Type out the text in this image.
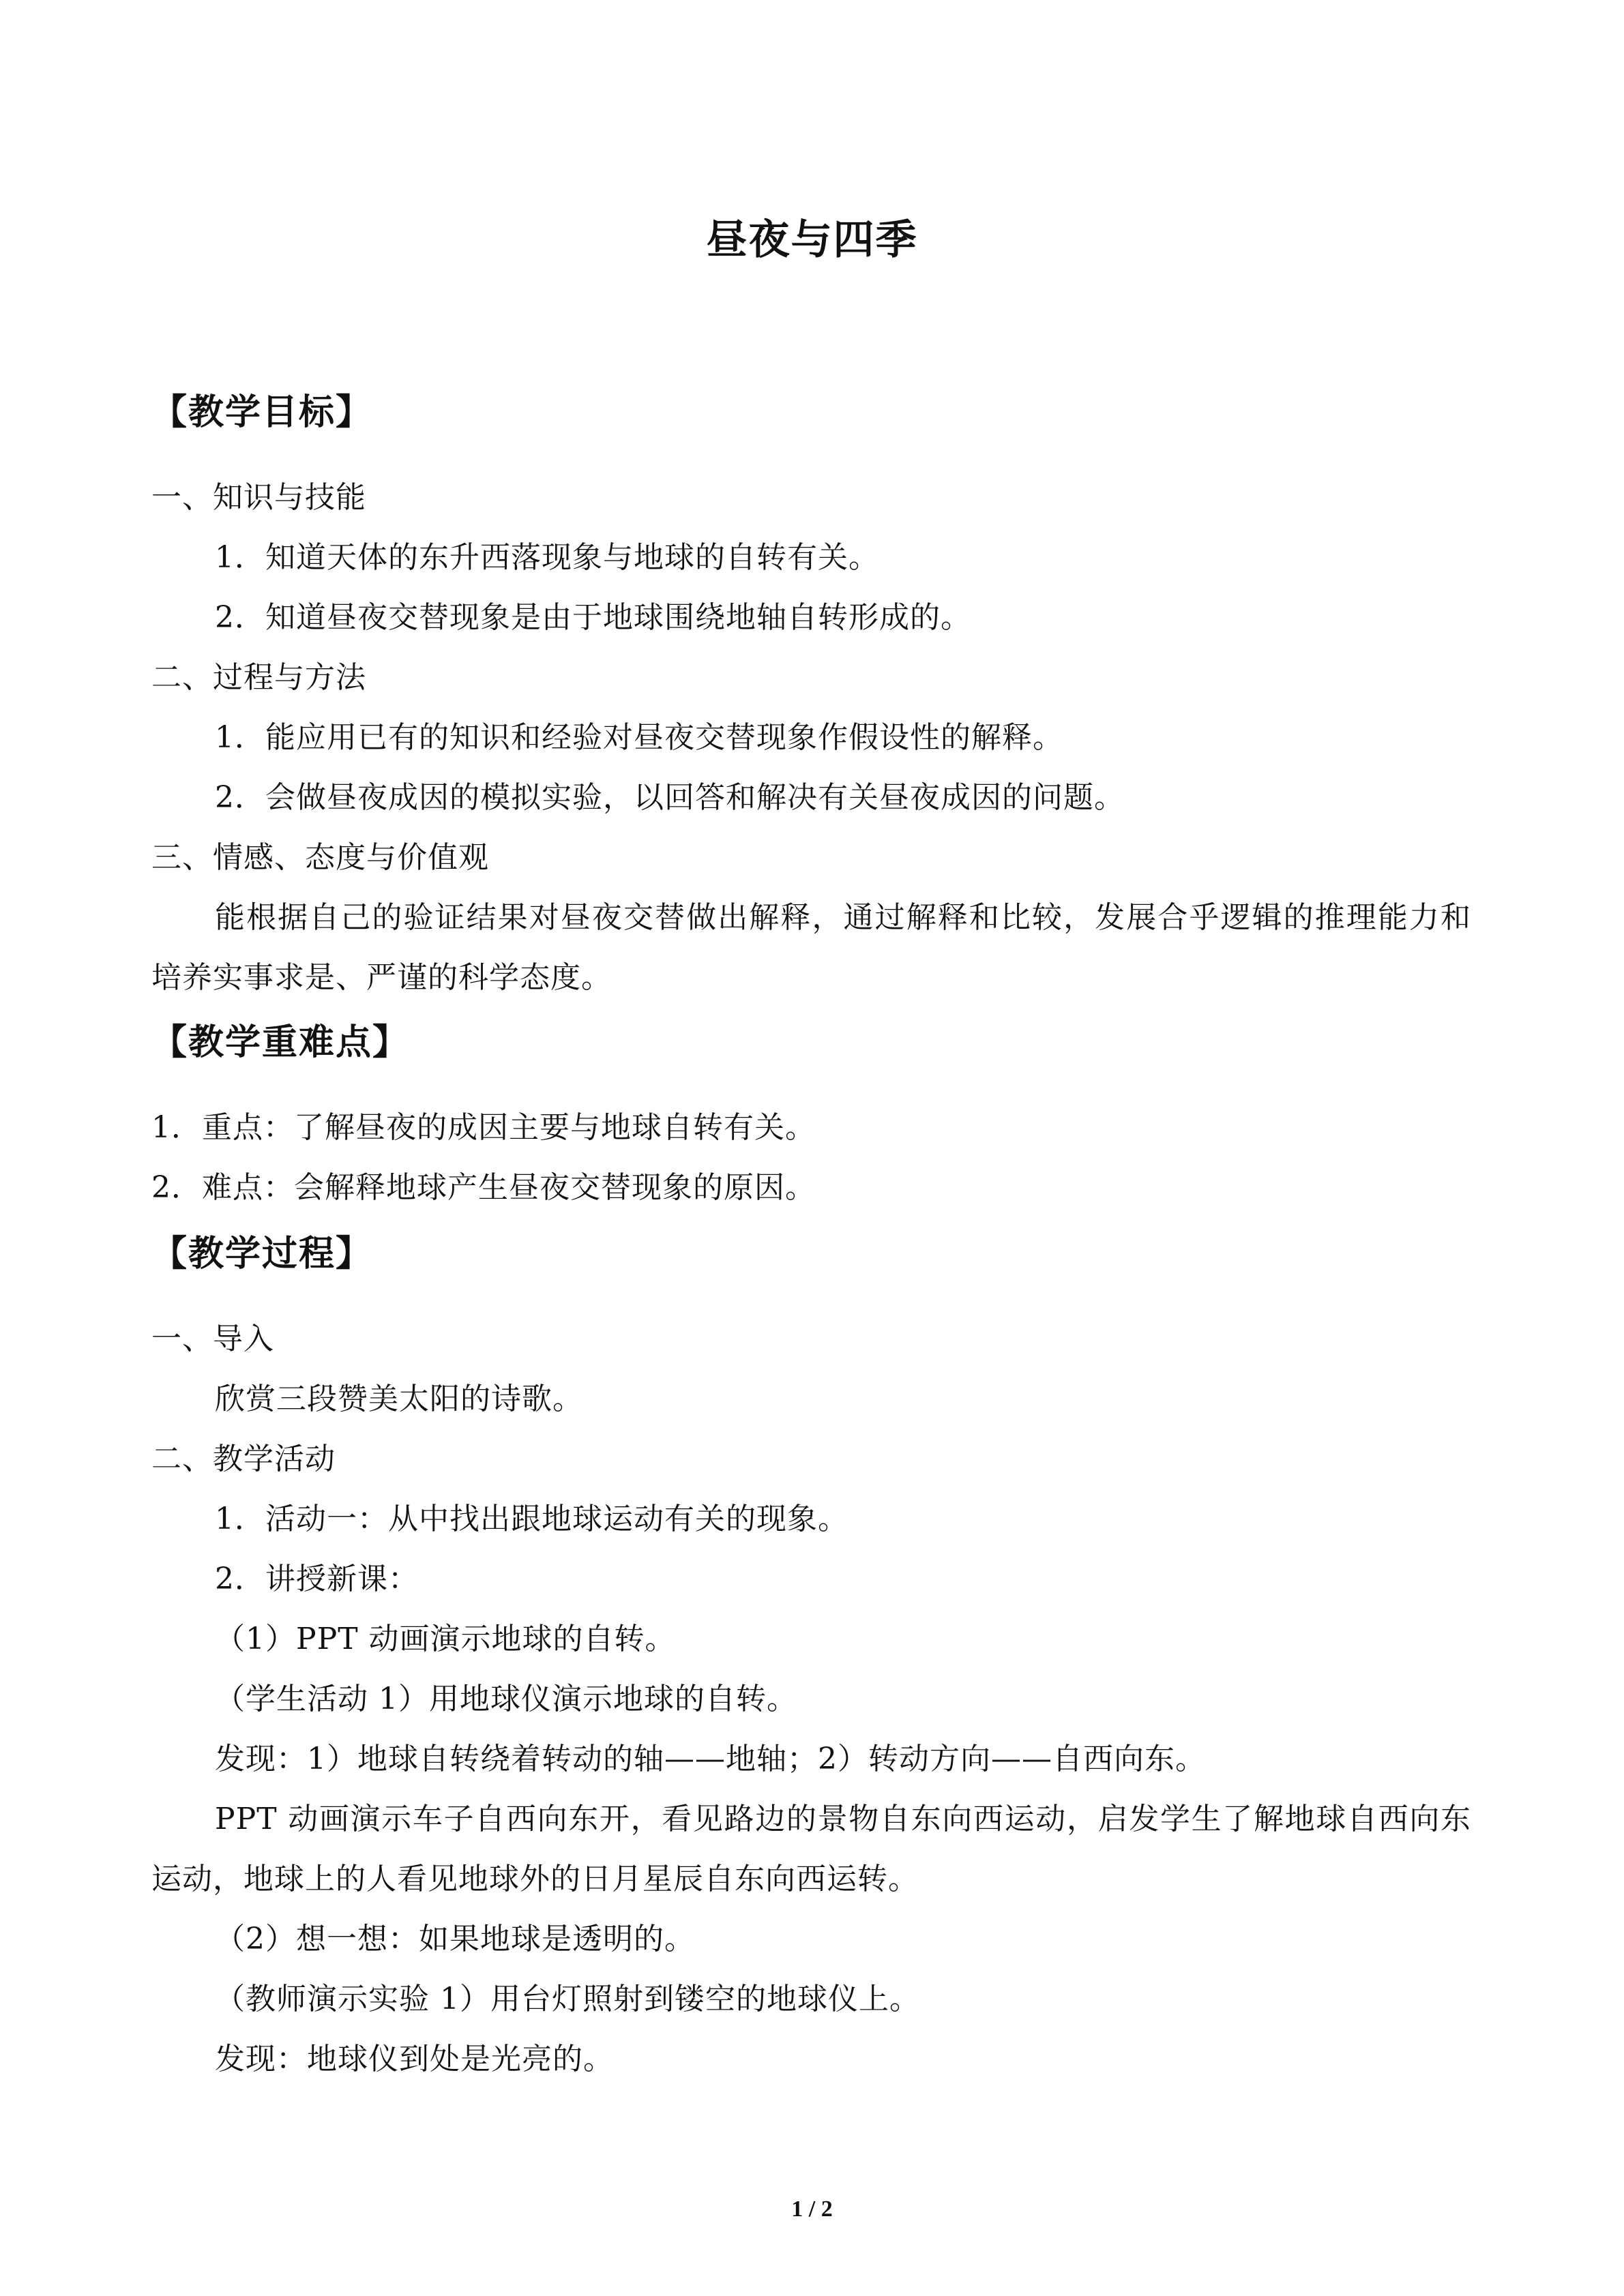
昼夜与四季
【教学目标】
一、知识与技能
1．知道天体的东升西落现象与地球的自转有关。
2．知道昼夜交替现象是由于地球围绕地轴自转形成的。
二、过程与方法
1．能应用已有的知识和经验对昼夜交替现象作假设性的解释。
2．会做昼夜成因的模拟实验，以回答和解决有关昼夜成因的问题。
三、情感、态度与价值观
能根据自己的验证结果对昼夜交替做出解释，通过解释和比较，发展合乎逻辑的推理能力和培养实事求是、严谨的科学态度。
【教学重难点】
1．重点：了解昼夜的成因主要与地球自转有关。
2．难点：会解释地球产生昼夜交替现象的原因。
【教学过程】
一、导入
欣赏三段赞美太阳的诗歌。
二、教学活动
1．活动一：从中找出跟地球运动有关的现象。
2．讲授新课：
（1）PPT 动画演示地球的自转。
（学生活动 1）用地球仪演示地球的自转。
发现：1）地球自转绕着转动的轴——地轴；2）转动方向——自西向东。
PPT 动画演示车子自西向东开，看见路边的景物自东向西运动，启发学生了解地球自西向东运动，地球上的人看见地球外的日月星辰自东向西运转。
（2）想一想：如果地球是透明的。
（教师演示实验 1）用台灯照射到镂空的地球仪上。
发现：地球仪到处是光亮的。
1 / 2
